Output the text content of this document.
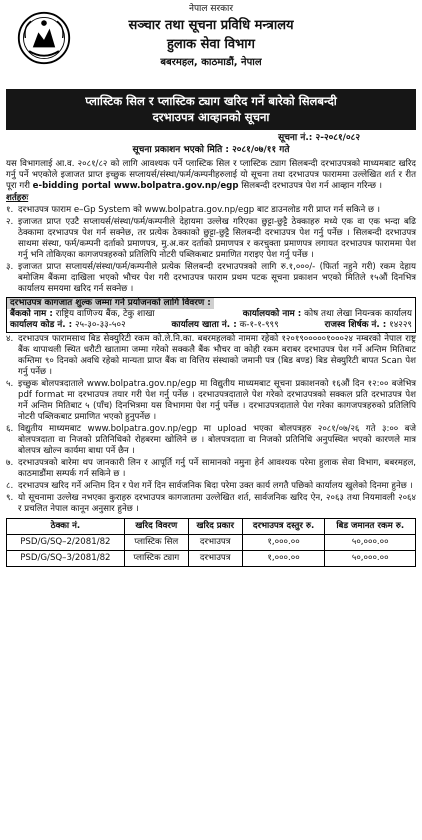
नेपाल सरकार
सञ्चार तथा सूचना प्रविधि मन्त्रालय
हुलाक सेवा विभाग
बबरमहल, काठमाडौं, नेपाल
प्लास्टिक सिल र प्लास्टिक ट्याग खरिद गर्ने बारेको सिलबन्दी
दरभाउपत्र आव्हानको सूचना
सूचना नं.: २-२०८१/०८२
सूचना प्रकाशन भएको मिति : २०८१/०७/११ गते
यस विभागलाई आ.व. २०८१/८२ को लागि आवश्यक पर्ने प्लास्टिक सिल र प्लास्टिक ट्याग सिलबन्दी दरभाउपत्रको माध्यमबाट खरिद गर्नु पर्ने भएकोले इजाजत प्राप्त इच्छुक सप्लायर्स/संस्था/फर्म/कम्पनीहरुलाई यो सूचना तथा दरभाउपत्र फाराममा उल्लेखित शर्त र रीत पूरा गरी e-bidding portal www.bolpatra.gov.np/egp सिलबन्दी दरभाउपत्र पेश गर्न आव्हान गरिन्छ ।
शर्तहरुः
१. दरभाउपत्र फाराम e–Gp System को www.bolpatra.gov.np/egp बाट डाउनलोड गरी प्राप्त गर्न सकिने छ ।
२. इजाजत प्राप्त एउटै सप्लायर्स/संस्था/फर्म/कम्पनीले देहायमा उल्लेख गरिएका छुट्टा-छुट्टै ठेक्काहरु मध्ये एक वा एक भन्दा बढि ठेक्कामा दरभाउपत्र पेश गर्न सक्नेछ, तर प्रत्येक ठेक्काको छुट्टा-छुट्टै सिलबन्दी दरभाउपत्र पेश गर्नु पर्नेछ । सिलबन्दी दरभाउपत्र साथमा संस्था, फर्म/कम्पनी दर्ताको प्रमाणपत्र, मु.अ.कर दर्ताको प्रमाणपत्र र करचुक्ता प्रमाणपत्र लगायत दरभाउपत्र फाराममा पेश गर्नु भनि तोकिएका कागजपत्रहरुको प्रतिलिपि नोटरी पब्लिकबाट प्रमाणित गराइए पेश गर्नु पर्नेछ ।
३. इजाजत प्राप्त सप्लायर्स/संस्था/फर्म/कम्पनीले प्रत्येक सिलबन्दी दरभाउपत्रको लागि रु.१,०००/- (फिर्ता नहुने गरी) रकम देहाय बमोजिम बैंकमा दाखिला भएको भौचर पेश गरी दरभाउपत्र फाराम प्रथम पटक सूचना प्रकाशन भएको मितिले १५औं दिनभित्र कार्यालय समयमा खरिद गर्न सक्नेछ ।
दरभाउपत्र कागजात शुल्क जम्मा गर्ने प्रयोजनको लागि विवरण :
बैंकको नाम : राष्ट्रिय वाणिज्य बैंक, टेकु शाखा	कार्यालयको नाम : कोष तथा लेखा नियन्त्रक कार्यालय
कार्यालय कोड नं. : २५-३०-३३-५०२	कार्यालय खाता नं. : क-१-१-९९९	राजस्व शिर्षक नं. : १४२२९
४. दरभाउपत्र फारामसाथ बिड सेक्युरिटी रकम को.ले.नि.का. बबरमहलको नाममा रहेको १२०१९०००००१०००२४ नम्बरको नेपाल राष्ट्र बैंक थापाथली स्थित धरौटी खातामा जम्मा गरेको सक्कलै बैंक भौचर वा कोही रकम बराबर दरभाउपत्र पेश गर्ने अन्तिम मितिबाट कम्तिमा ९० दिनको अवधि रहेको मान्यता प्राप्त बैंक वा वित्तिय संस्थाको जमानी पत्र (बिड बण्ड) बिड सेक्युरिटी बापत Scan पेश गर्नु पर्नेछ ।
५. इच्छुक बोलपत्रदाताले www.bolpatra.gov.np/egp मा विद्युतीय माध्यमबाट सूचना प्रकाशनको १६औं दिन १२:०० बजेभित्र pdf format मा दरभाउपत्र तयार गरी पेश गर्नु पर्नेछ । दरभाउपत्रदाताले पेश गरेको दरभाउपत्रको सक्कल प्रति दरभाउपत्र पेश गर्ने अन्तिम मितिबाट ५ (पाँच) दिनभित्रमा यस विभागमा पेश गर्नु पर्नेछ । दरभाउपत्रदाताले पेश गरेका कागजपत्रहरुको प्रतिलिपि नोटरी पब्लिकबाट प्रमाणित भएको हुनुपर्नेछ ।
६. विद्युतीय माध्यमबाट www.bolpatra.gov.np/egp मा upload भएका बोलपत्रहरु २०८१/०७/२६ गते ३:०० बजे बोलपत्रदाता वा निजको प्रतिनिधिको रोहबरमा खोलिने छ । बोलपत्रदाता वा निजको प्रतिनिधि अनुपस्थित भएको कारणले मात्र बोलपत्र खोल्न कार्यमा बाधा पर्ने छैन ।
७. दरभाउपत्रको बारेमा थप जानकारी लिन र आपूर्ति गर्नु पर्ने सामानको नमुना हेर्न आवश्यक परेमा हुलाक सेवा विभाग, बबरमहल, काठमाडौंमा सम्पर्क गर्न सकिने छ ।
८. दरभाउपत्र खरिद गर्ने अन्तिम दिन र पेश गर्ने दिन सार्वजनिक बिदा परेमा उक्त कार्य लगतै पछिको कार्यालय खुलेको दिनमा हुनेछ ।
९. यो सूचनामा उल्लेख नभएका कुराहरु दरभाउपत्र कागजातमा उल्लेखित शर्त, सार्वजनिक खरिद ऐन, २०६३ तथा नियमावली २०६४ र प्रचलित नेपाल कानून अनुसार हुनेछ ।
ठेक्का नं.	खरिद विवरण	खरिद प्रकार	दरभाउपत्र दस्तुर रु.	बिड जमानत रकम रु.
PSD/G/SQ–2/2081/82	प्लास्टिक सिल	दरभाउपत्र	१,०००.००	५०,०००.००
PSD/G/SQ–3/2081/82	प्लास्टिक ट्याग	दरभाउपत्र	१,०००.००	५०,०००.००
